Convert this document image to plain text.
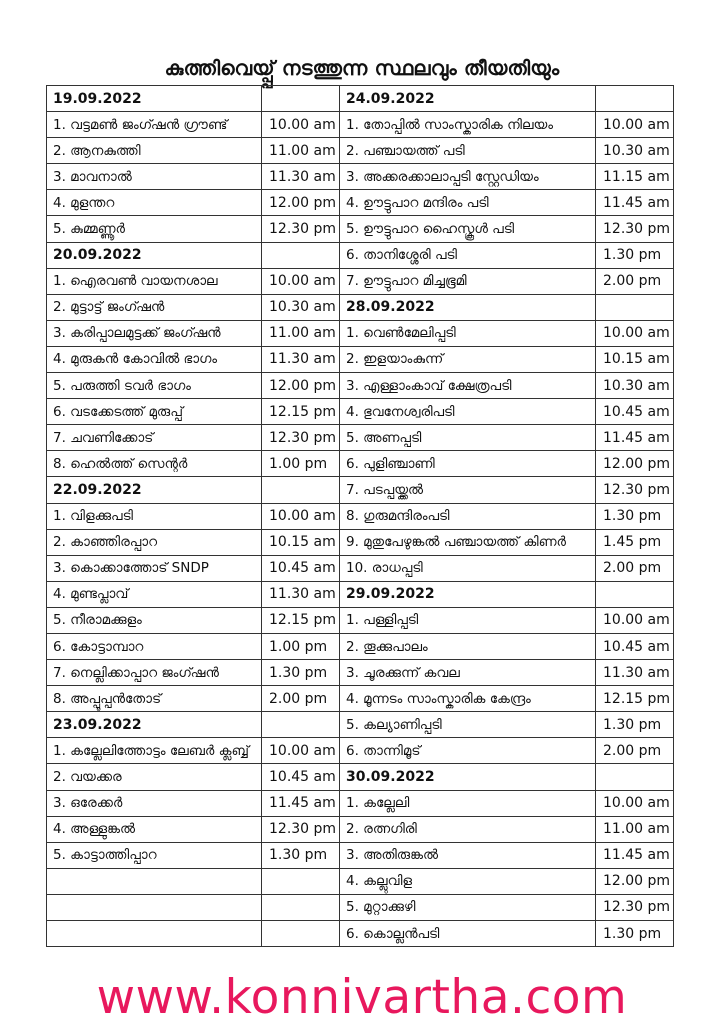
കുത്തിവെയ്പ്പ് നടത്തുന്ന സ്ഥലവും തീയതിയും
19.09.2022	
1. വട്ടമൺ ജംഗ്ഷൻ ഗ്രൗണ്ട്	10.00 am
2. ആനകുത്തി	11.00 am
3. മാവനാൽ	11.30 am
4. മുളന്തറ	12.00 pm
5. കുമ്മണ്ണൂർ	12.30 pm
20.09.2022	
1. ഐരവൺ വായനശാല	10.00 am
2. മുട്ടാട്ട് ജംഗ്ഷൻ	10.30 am
3. കരിപ്പാലമുട്ടക്ക് ജംഗ്ഷൻ	11.00 am
4. മുരുകൻ കോവിൽ ഭാഗം	11.30 am
5. പരുത്തി ടവർ ഭാഗം	12.00 pm
6. വടക്കേടത്ത് മുരുപ്പ്	12.15 pm
7. ചവണിക്കോട്	12.30 pm
8. ഹെൽത്ത് സെന്റർ	1.00 pm
22.09.2022	
1. വിളക്കുപടി	10.00 am
2. കാഞ്ഞിരപ്പാറ	10.15 am
3. കൊക്കാത്തോട് SNDP	10.45 am
4. മുണ്ടപ്ലാവ്	11.30 am
5. നീരാമക്കുളം	12.15 pm
6. കോട്ടാമ്പാറ	1.00 pm
7. നെല്ലിക്കാപ്പാറ ജംഗ്ഷൻ	1.30 pm
8. അപ്പൂപ്പൻതോട്	2.00 pm
23.09.2022	
1. കല്ലേലിത്തോട്ടം ലേബർ ക്ലബ്ബ്	10.00 am
2. വയക്കര	10.45 am
3. ഒരേക്കർ	11.45 am
4. അള്ളുങ്കൽ	12.30 pm
5. കാട്ടാത്തിപ്പാറ	1.30 pm

24.09.2022	
1. തോപ്പിൽ സാംസ്കാരിക നിലയം	10.00 am
2. പഞ്ചായത്ത് പടി	10.30 am
3. അക്കരക്കാലാപ്പടി സ്റ്റേഡിയം	11.15 am
4. ഊട്ടുപാറ മന്ദിരം പടി	11.45 am
5. ഊട്ടുപാറ ഹൈസ്കൂൾ പടി	12.30 pm
6. താനിശ്ശേരി പടി	1.30 pm
7. ഊട്ടുപാറ മിച്ചഭൂമി	2.00 pm
28.09.2022	
1. വെൺമേലിപ്പടി	10.00 am
2. ഇളയാംകുന്ന്	10.15 am
3. എള്ളാംകാവ് ക്ഷേത്രപടി	10.30 am
4. ഭുവനേശ്വരിപടി	10.45 am
5. അണപ്പടി	11.45 am
6. പുളിഞ്ചാണി	12.00 pm
7. പടപ്പയ്ക്കൽ	12.30 pm
8. ഗുരുമന്ദിരംപടി	1.30 pm
9. മുതുപേഴുങ്കൽ പഞ്ചായത്ത് കിണർ	1.45 pm
10. രാധപ്പടി	2.00 pm
29.09.2022	
1. പള്ളിപ്പടി	10.00 am
2. തൂക്കുപാലം	10.45 am
3. ചൂരക്കുന്ന് കവല	11.30 am
4. മൂന്നടം സാംസ്കാരിക കേന്ദ്രം	12.15 pm
5. കല്യാണിപ്പടി	1.30 pm
6. താന്നിമൂട്	2.00 pm
30.09.2022	
1. കല്ലേലി	10.00 am
2. രത്നഗിരി	11.00 am
3. അതിരുങ്കൽ	11.45 am
4. കല്ലുവിള	12.00 pm
5. മുറ്റാക്കുഴി	12.30 pm
6. കൊല്ലൻപടി	1.30 pm
www.konnivartha.com
